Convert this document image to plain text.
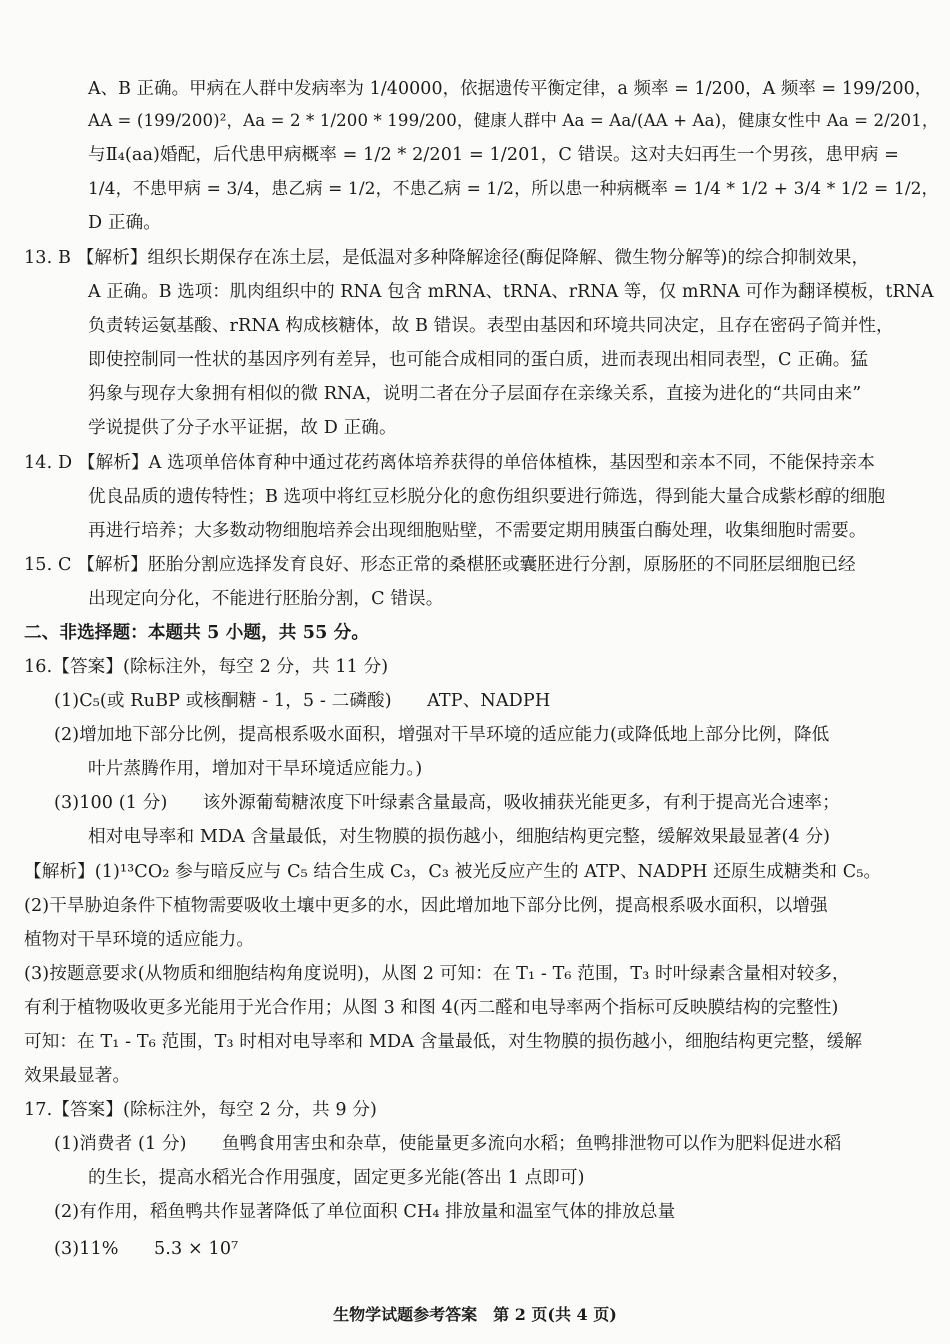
A、B 正确。甲病在人群中发病率为 1/40000，依据遗传平衡定律，a 频率 = 1/200，A 频率 = 199/200，
AA = (199/200)²，Aa = 2 * 1/200 * 199/200，健康人群中 Aa = Aa/(AA + Aa)，健康女性中 Aa = 2/201，
与Ⅱ₄(aa)婚配，后代患甲病概率 = 1/2 * 2/201 = 1/201，C 错误。这对夫妇再生一个男孩，患甲病 =
1/4，不患甲病 = 3/4，患乙病 = 1/2，不患乙病 = 1/2，所以患一种病概率 = 1/4 * 1/2 + 3/4 * 1/2 = 1/2，
D 正确。
13. B 【解析】组织长期保存在冻土层，是低温对多种降解途径(酶促降解、微生物分解等)的综合抑制效果，
A 正确。B 选项：肌肉组织中的 RNA 包含 mRNA、tRNA、rRNA 等，仅 mRNA 可作为翻译模板，tRNA
负责转运氨基酸、rRNA 构成核糖体，故 B 错误。表型由基因和环境共同决定，且存在密码子简并性，
即使控制同一性状的基因序列有差异，也可能合成相同的蛋白质，进而表现出相同表型，C 正确。猛
犸象与现存大象拥有相似的微 RNA，说明二者在分子层面存在亲缘关系，直接为进化的“共同由来”
学说提供了分子水平证据，故 D 正确。
14. D 【解析】A 选项单倍体育种中通过花药离体培养获得的单倍体植株，基因型和亲本不同，不能保持亲本
优良品质的遗传特性；B 选项中将红豆杉脱分化的愈伤组织要进行筛选，得到能大量合成紫杉醇的细胞
再进行培养；大多数动物细胞培养会出现细胞贴壁，不需要定期用胰蛋白酶处理，收集细胞时需要。
15. C 【解析】胚胎分割应选择发育良好、形态正常的桑椹胚或囊胚进行分割，原肠胚的不同胚层细胞已经
出现定向分化，不能进行胚胎分割，C 错误。
二、非选择题：本题共 5 小题，共 55 分。
16.【答案】(除标注外，每空 2 分，共 11 分)
(1)C₅(或 RuBP 或核酮糖 - 1，5 - 二磷酸)　　ATP、NADPH
(2)增加地下部分比例，提高根系吸水面积，增强对干旱环境的适应能力(或降低地上部分比例，降低
叶片蒸腾作用，增加对干旱环境适应能力。)
(3)100 (1 分)　　该外源葡萄糖浓度下叶绿素含量最高，吸收捕获光能更多，有利于提高光合速率；
相对电导率和 MDA 含量最低，对生物膜的损伤越小，细胞结构更完整，缓解效果最显著(4 分)
【解析】(1)¹³CO₂ 参与暗反应与 C₅ 结合生成 C₃，C₃ 被光反应产生的 ATP、NADPH 还原生成糖类和 C₅。
(2)干旱胁迫条件下植物需要吸收土壤中更多的水，因此增加地下部分比例，提高根系吸水面积，以增强
植物对干旱环境的适应能力。
(3)按题意要求(从物质和细胞结构角度说明)，从图 2 可知：在 T₁ - T₆ 范围，T₃ 时叶绿素含量相对较多，
有利于植物吸收更多光能用于光合作用；从图 3 和图 4(丙二醛和电导率两个指标可反映膜结构的完整性)
可知：在 T₁ - T₆ 范围，T₃ 时相对电导率和 MDA 含量最低，对生物膜的损伤越小，细胞结构更完整，缓解
效果最显著。
17.【答案】(除标注外，每空 2 分，共 9 分)
(1)消费者 (1 分)　　鱼鸭食用害虫和杂草，使能量更多流向水稻；鱼鸭排泄物可以作为肥料促进水稻
的生长，提高水稻光合作用强度，固定更多光能(答出 1 点即可)
(2)有作用，稻鱼鸭共作显著降低了单位面积 CH₄ 排放量和温室气体的排放总量
(3)11%　　5.3 × 10⁷
生物学试题参考答案　第 2 页(共 4 页)
